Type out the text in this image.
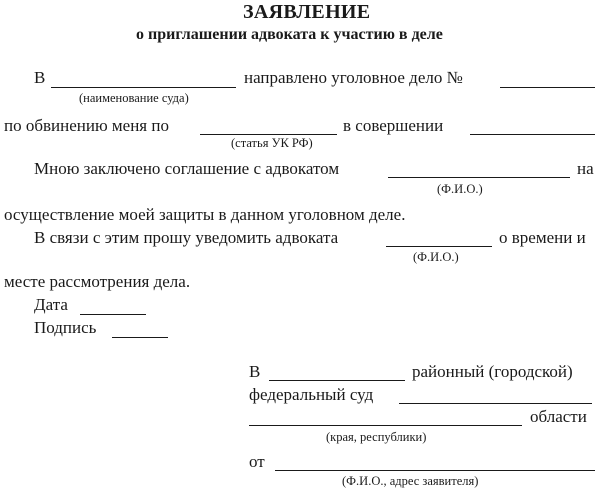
ЗАЯВЛЕНИЕ
о приглашении адвоката к участию в деле
В	направлено уголовное дело №
(наименование суда)
по обвинению меня по	в совершении
(статья УК РФ)
Мною заключено соглашение с адвокатом	на
(Ф.И.О.)
осуществление моей защиты в данном уголовном деле.
В связи с этим прошу уведомить адвоката	о времени и
(Ф.И.О.)
месте рассмотрения дела.
Дата
Подпись
В	районный (городской)
федеральный суд
области
(края, республики)
от
(Ф.И.О., адрес заявителя)
